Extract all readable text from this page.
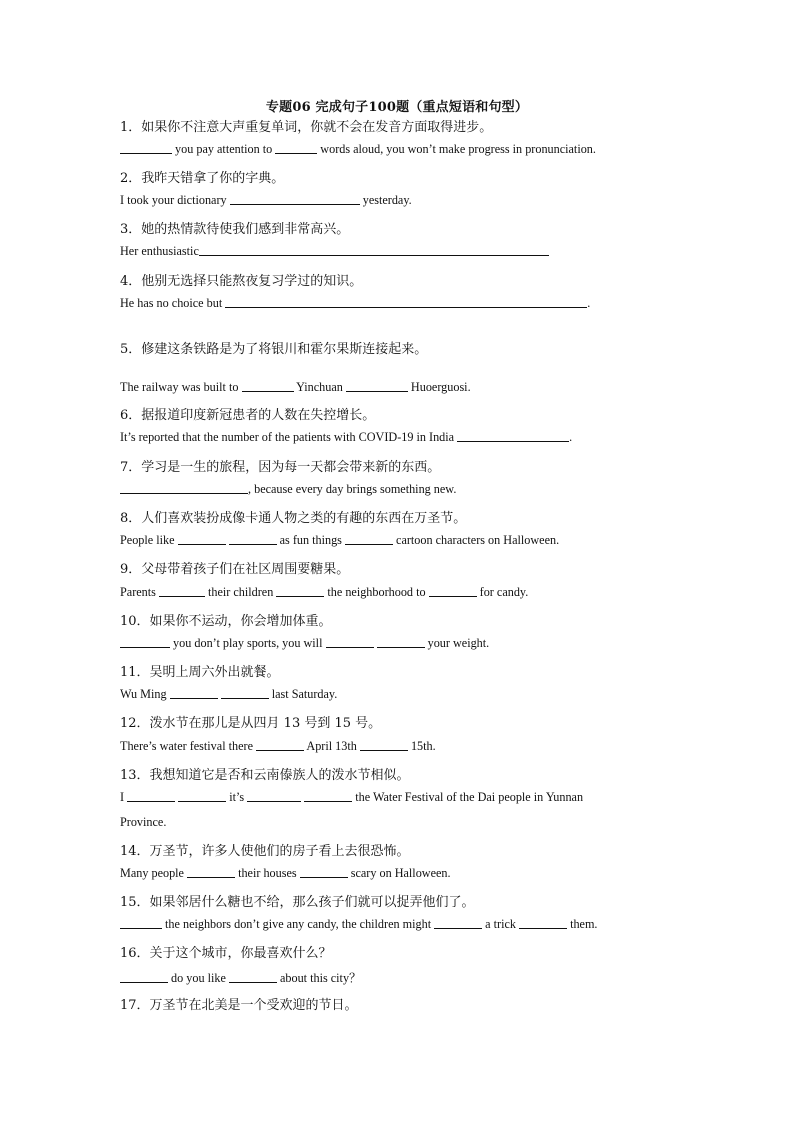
专题06 完成句子100题（重点短语和句型）
1．如果你不注意大声重复单词，你就不会在发音方面取得进步。
you pay attention to	words aloud, you won’t make progress in pronunciation.
2．我昨天错拿了你的字典。
I took your dictionary	yesterday.
3．她的热情款待使我们感到非常高兴。
Her enthusiastic
4．他别无选择只能熬夜复习学过的知识。
He has no choice but	.
5．修建这条铁路是为了将银川和霍尔果斯连接起来。
The railway was built to	Yinchuan	Huoerguosi.
6．据报道印度新冠患者的人数在失控增长。
It’s reported that the number of the patients with COVID-19 in India	.
7．学习是一生的旅程，因为每一天都会带来新的东西。
, because every day brings something new.
8．人们喜欢装扮成像卡通人物之类的有趣的东西在万圣节。
People like	as fun things	cartoon characters on Halloween.
9．父母带着孩子们在社区周围要糖果。
Parents	their children	the neighborhood to	for candy.
10．如果你不运动，你会增加体重。
you don’t play sports, you will	your weight.
11．吴明上周六外出就餐。
Wu Ming	last Saturday.
12．泼水节在那儿是从四月 13 号到 15 号。
There’s water festival there	April 13th	15th.
13．我想知道它是否和云南傣族人的泼水节相似。
I	it’s	the Water Festival of the Dai people in Yunnan
Province.
14．万圣节，许多人使他们的房子看上去很恐怖。
Many people	their houses	scary on Halloween.
15．如果邻居什么糖也不给，那么孩子们就可以捉弄他们了。
the neighbors don’t give any candy, the children might	a trick	them.
16．关于这个城市，你最喜欢什么？
do you like	about this city？
17．万圣节在北美是一个受欢迎的节日。
